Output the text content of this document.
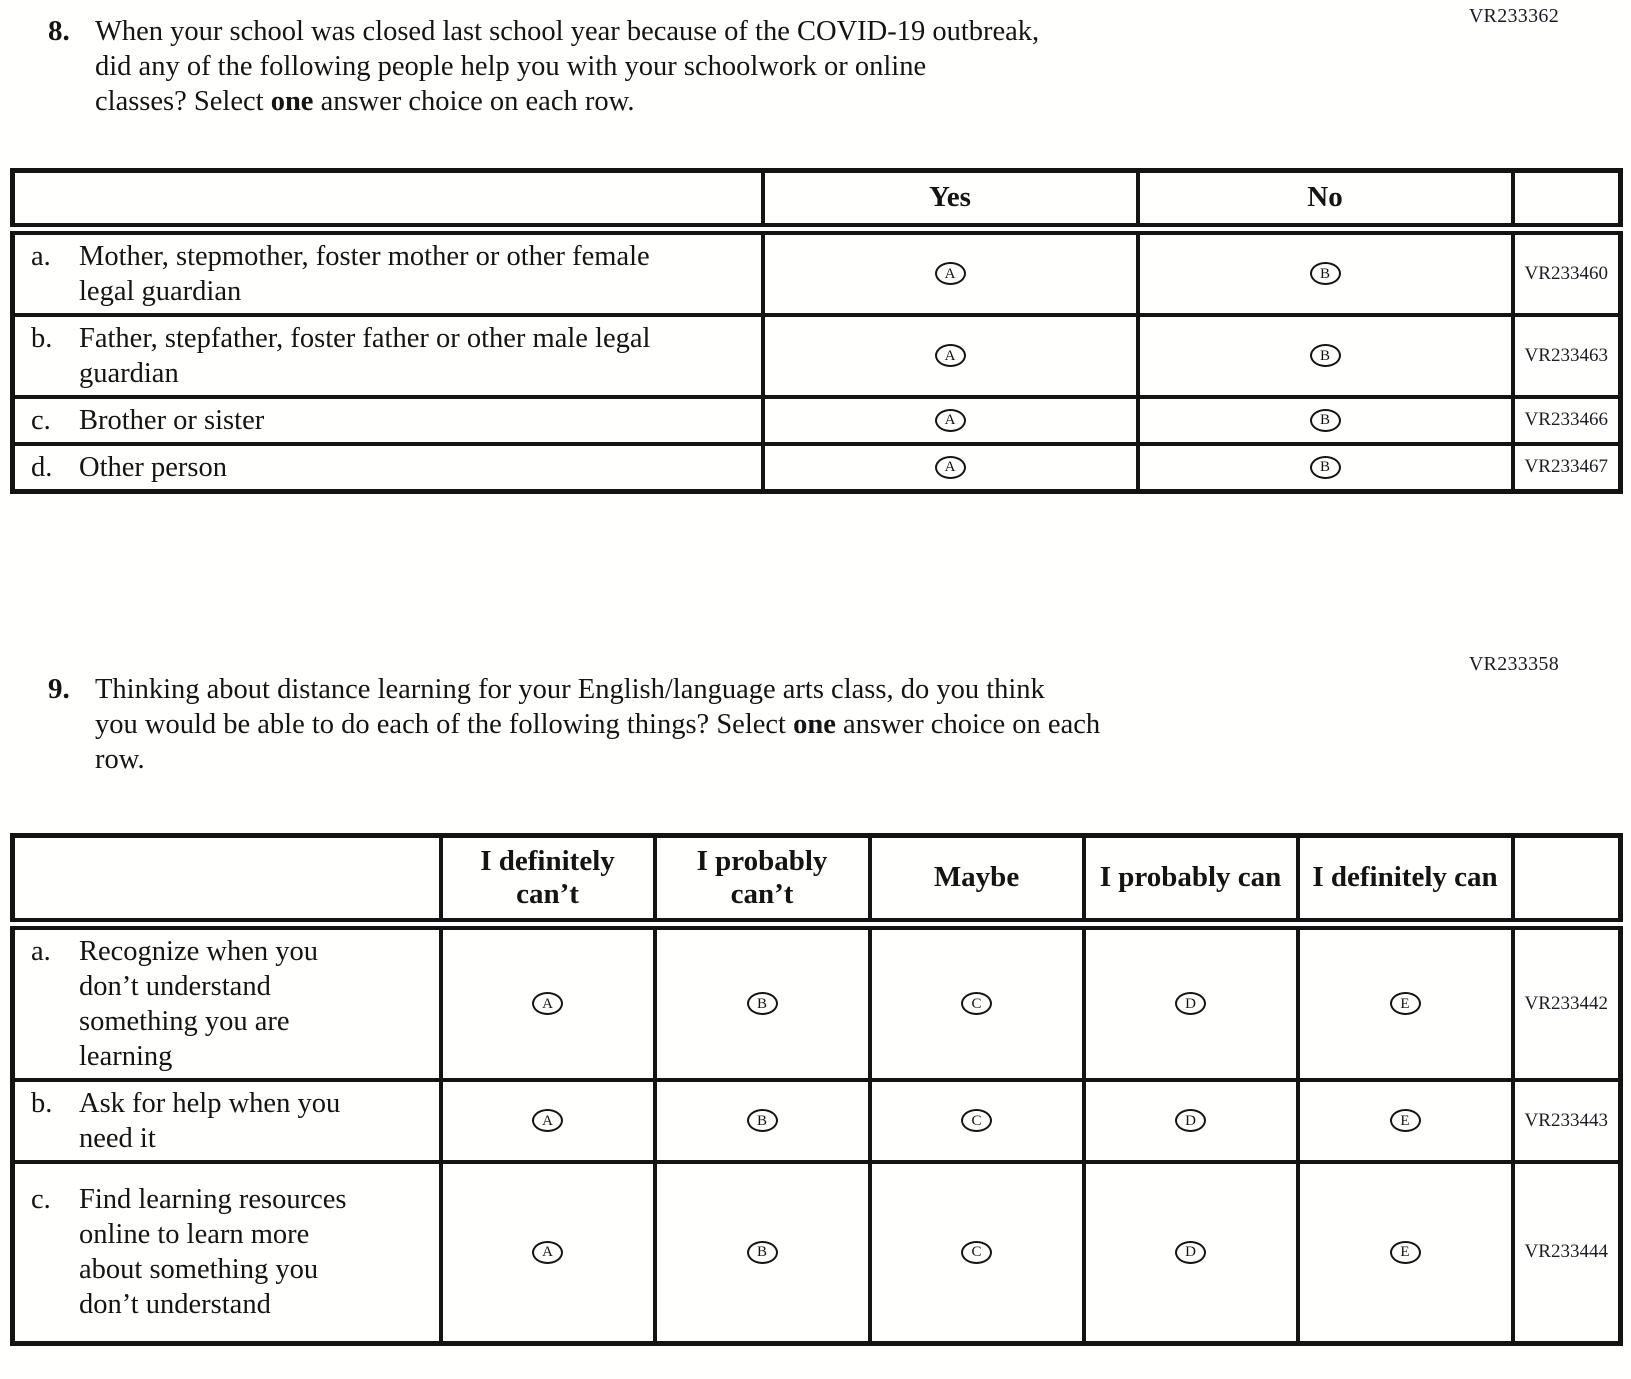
VR233362
8. When your school was closed last school year because of the COVID-19 outbreak,
did any of the following people help you with your schoolwork or online
classes? Select one answer choice on each row.
	Yes	No	

a. Mother, stepmother, foster mother or other female legal guardian	A	B	VR233460

b. Father, stepfather, foster father or other male legal guardian	A	B	VR233463

c. Brother or sister	A	B	VR233466

d. Other person	A	B	VR233467
VR233358
9. Thinking about distance learning for your English/language arts class, do you think
you would be able to do each of the following things? Select one answer choice on each
row.
	I definitely can’t	I probably can’t	Maybe	I probably can	I definitely can	

a. Recognize when you don’t understand something you are learning	A	B	C	D	E	VR233442

b. Ask for help when you need it	A	B	C	D	E	VR233443

c. Find learning resources online to learn more about something you don’t understand	A	B	C	D	E	VR233444
